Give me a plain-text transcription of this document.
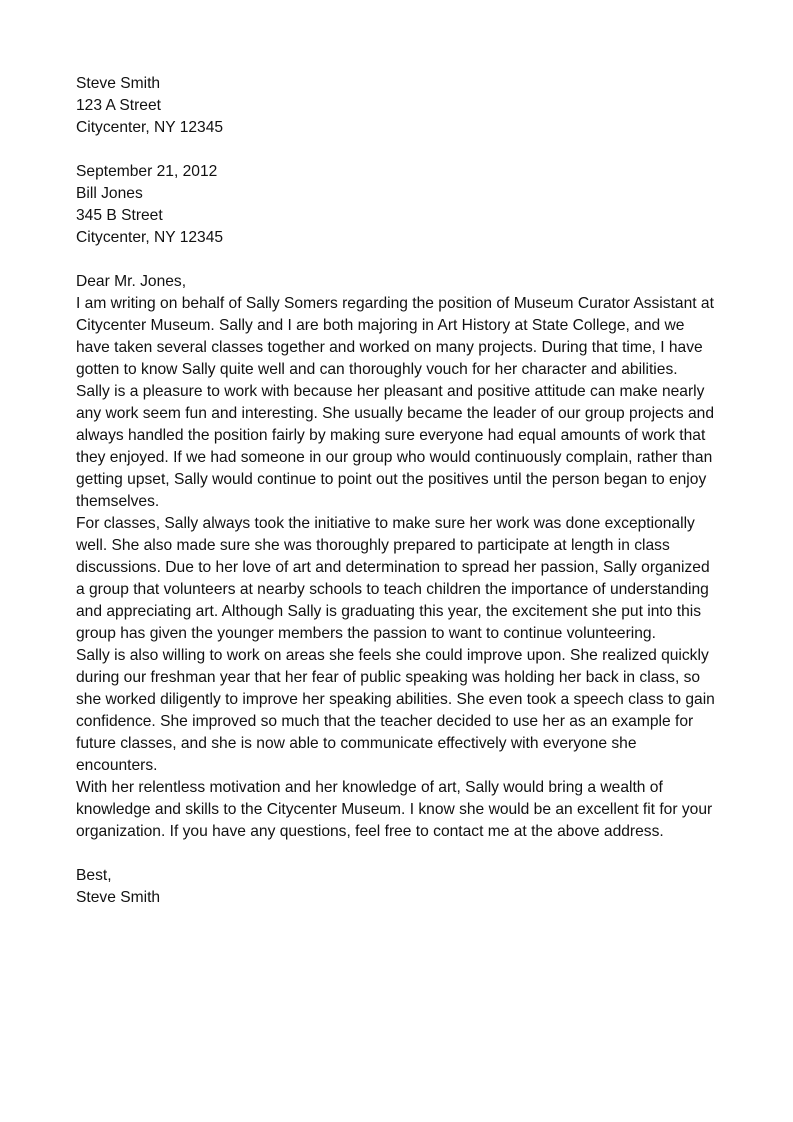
Steve Smith
123 A Street
Citycenter, NY 12345
September 21, 2012
Bill Jones
345 B Street
Citycenter, NY 12345
Dear Mr. Jones,

I am writing on behalf of Sally Somers regarding the position of Museum Curator Assistant at Citycenter Museum. Sally and I are both majoring in Art History at State College, and we have taken several classes together and worked on many projects. During that time, I have gotten to know Sally quite well and can thoroughly vouch for her character and abilities.

Sally is a pleasure to work with because her pleasant and positive attitude can make nearly any work seem fun and interesting. She usually became the leader of our group projects and always handled the position fairly by making sure everyone had equal amounts of work that they enjoyed. If we had someone in our group who would continuously complain, rather than getting upset, Sally would continue to point out the positives until the person began to enjoy themselves.

For classes, Sally always took the initiative to make sure her work was done exceptionally well. She also made sure she was thoroughly prepared to participate at length in class discussions. Due to her love of art and determination to spread her passion, Sally organized a group that volunteers at nearby schools to teach children the importance of understanding and appreciating art. Although Sally is graduating this year, the excitement she put into this group has given the younger members the passion to want to continue volunteering.

Sally is also willing to work on areas she feels she could improve upon. She realized quickly during our freshman year that her fear of public speaking was holding her back in class, so she worked diligently to improve her speaking abilities. She even took a speech class to gain confidence. She improved so much that the teacher decided to use her as an example for future classes, and she is now able to communicate effectively with everyone she encounters.

With her relentless motivation and her knowledge of art, Sally would bring a wealth of knowledge and skills to the Citycenter Museum. I know she would be an excellent fit for your organization. If you have any questions, feel free to contact me at the above address.

Best,
Steve Smith
